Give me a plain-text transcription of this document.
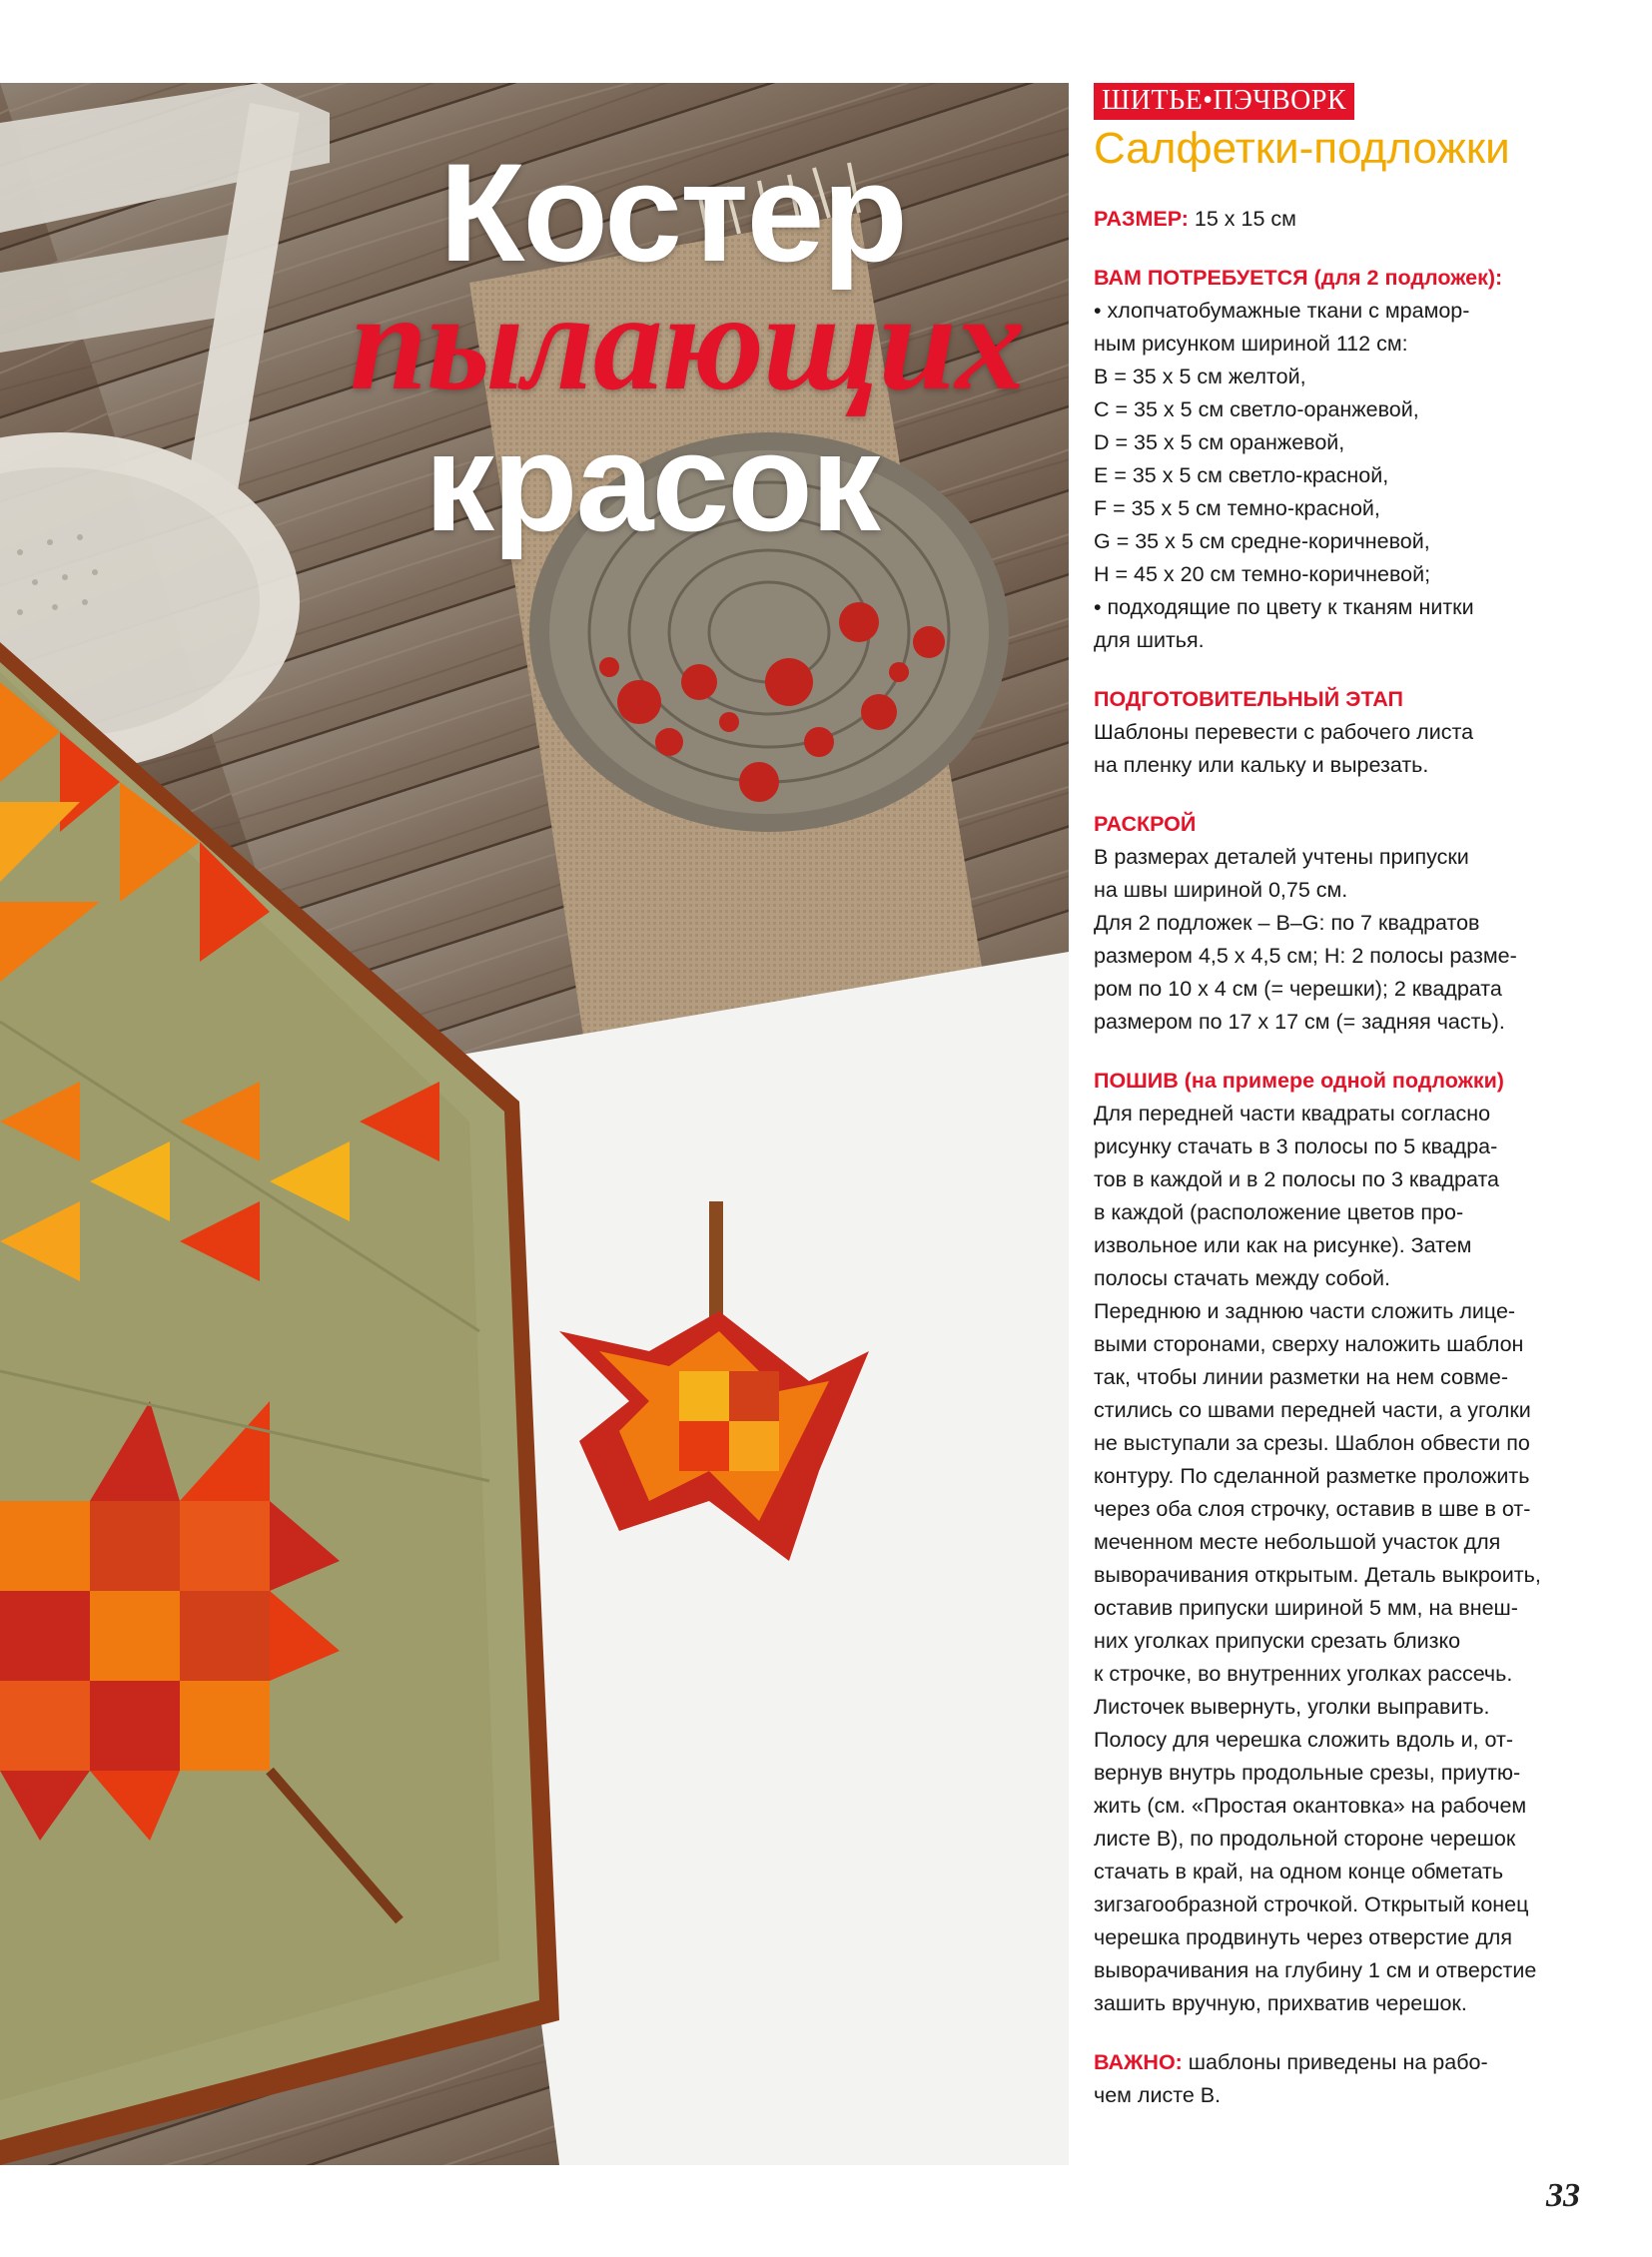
Костер
пылающих
красок
ШИТЬЕ•ПЭЧВОРК
Салфетки-подложки

РАЗМЕР: 15 х 15 см

ВАМ ПОТРЕБУЕТСЯ (для 2 подложек):

• хлопчатобумажные ткани с мрамор-

ным рисунком шириной 112 см:

B = 35 х 5 см желтой,

C = 35 х 5 см светло-оранжевой,

D = 35 х 5 см оранжевой,

E = 35 х 5 см светло-красной,

F = 35 х 5 см темно-красной,

G = 35 х 5 см средне-коричневой,

H = 45 х 20 см темно-коричневой;

• подходящие по цвету к тканям нитки

для шитья.

ПОДГОТОВИТЕЛЬНЫЙ ЭТАП

Шаблоны перевести с рабочего листа

на пленку или кальку и вырезать.

РАСКРОЙ

В размерах деталей учтены припуски

на швы шириной 0,75 см.

Для 2 подложек – B–G: по 7 квадратов

размером 4,5 х 4,5 см; H: 2 полосы разме-

ром по 10 х 4 см (= черешки); 2 квадрата

размером по 17 х 17 см (= задняя часть).

ПОШИВ (на примере одной подложки)

Для передней части квадраты согласно

рисунку стачать в 3 полосы по 5 квадра-

тов в каждой и в 2 полосы по 3 квадрата

в каждой (расположение цветов про-

извольное или как на рисунке). Затем

полосы стачать между собой.

Переднюю и заднюю части сложить лице-

выми сторонами, сверху наложить шаблон

так, чтобы линии разметки на нем совме-

стились со швами передней части, а уголки

не выступали за срезы. Шаблон обвести по

контуру. По сделанной разметке проложить

через оба слоя строчку, оставив в шве в от-

меченном месте небольшой участок для

выворачивания открытым. Деталь выкроить,

оставив припуски шириной 5 мм, на внеш-

них уголках припуски срезать близко

к строчке, во внутренних уголках рассечь.

Листочек вывернуть, уголки выправить.

Полосу для черешка сложить вдоль и, от-

вернув внутрь продольные срезы, приутю-

жить (см. «Простая окантовка» на рабочем

листе B), по продольной стороне черешок

стачать в край, на одном конце обметать

зигзагообразной строчкой. Открытый конец

черешка продвинуть через отверстие для

выворачивания на глубину 1 см и отверстие

зашить вручную, прихватив черешок.

ВАЖНО: шаблоны приведены на рабо-

чем листе B.

33
